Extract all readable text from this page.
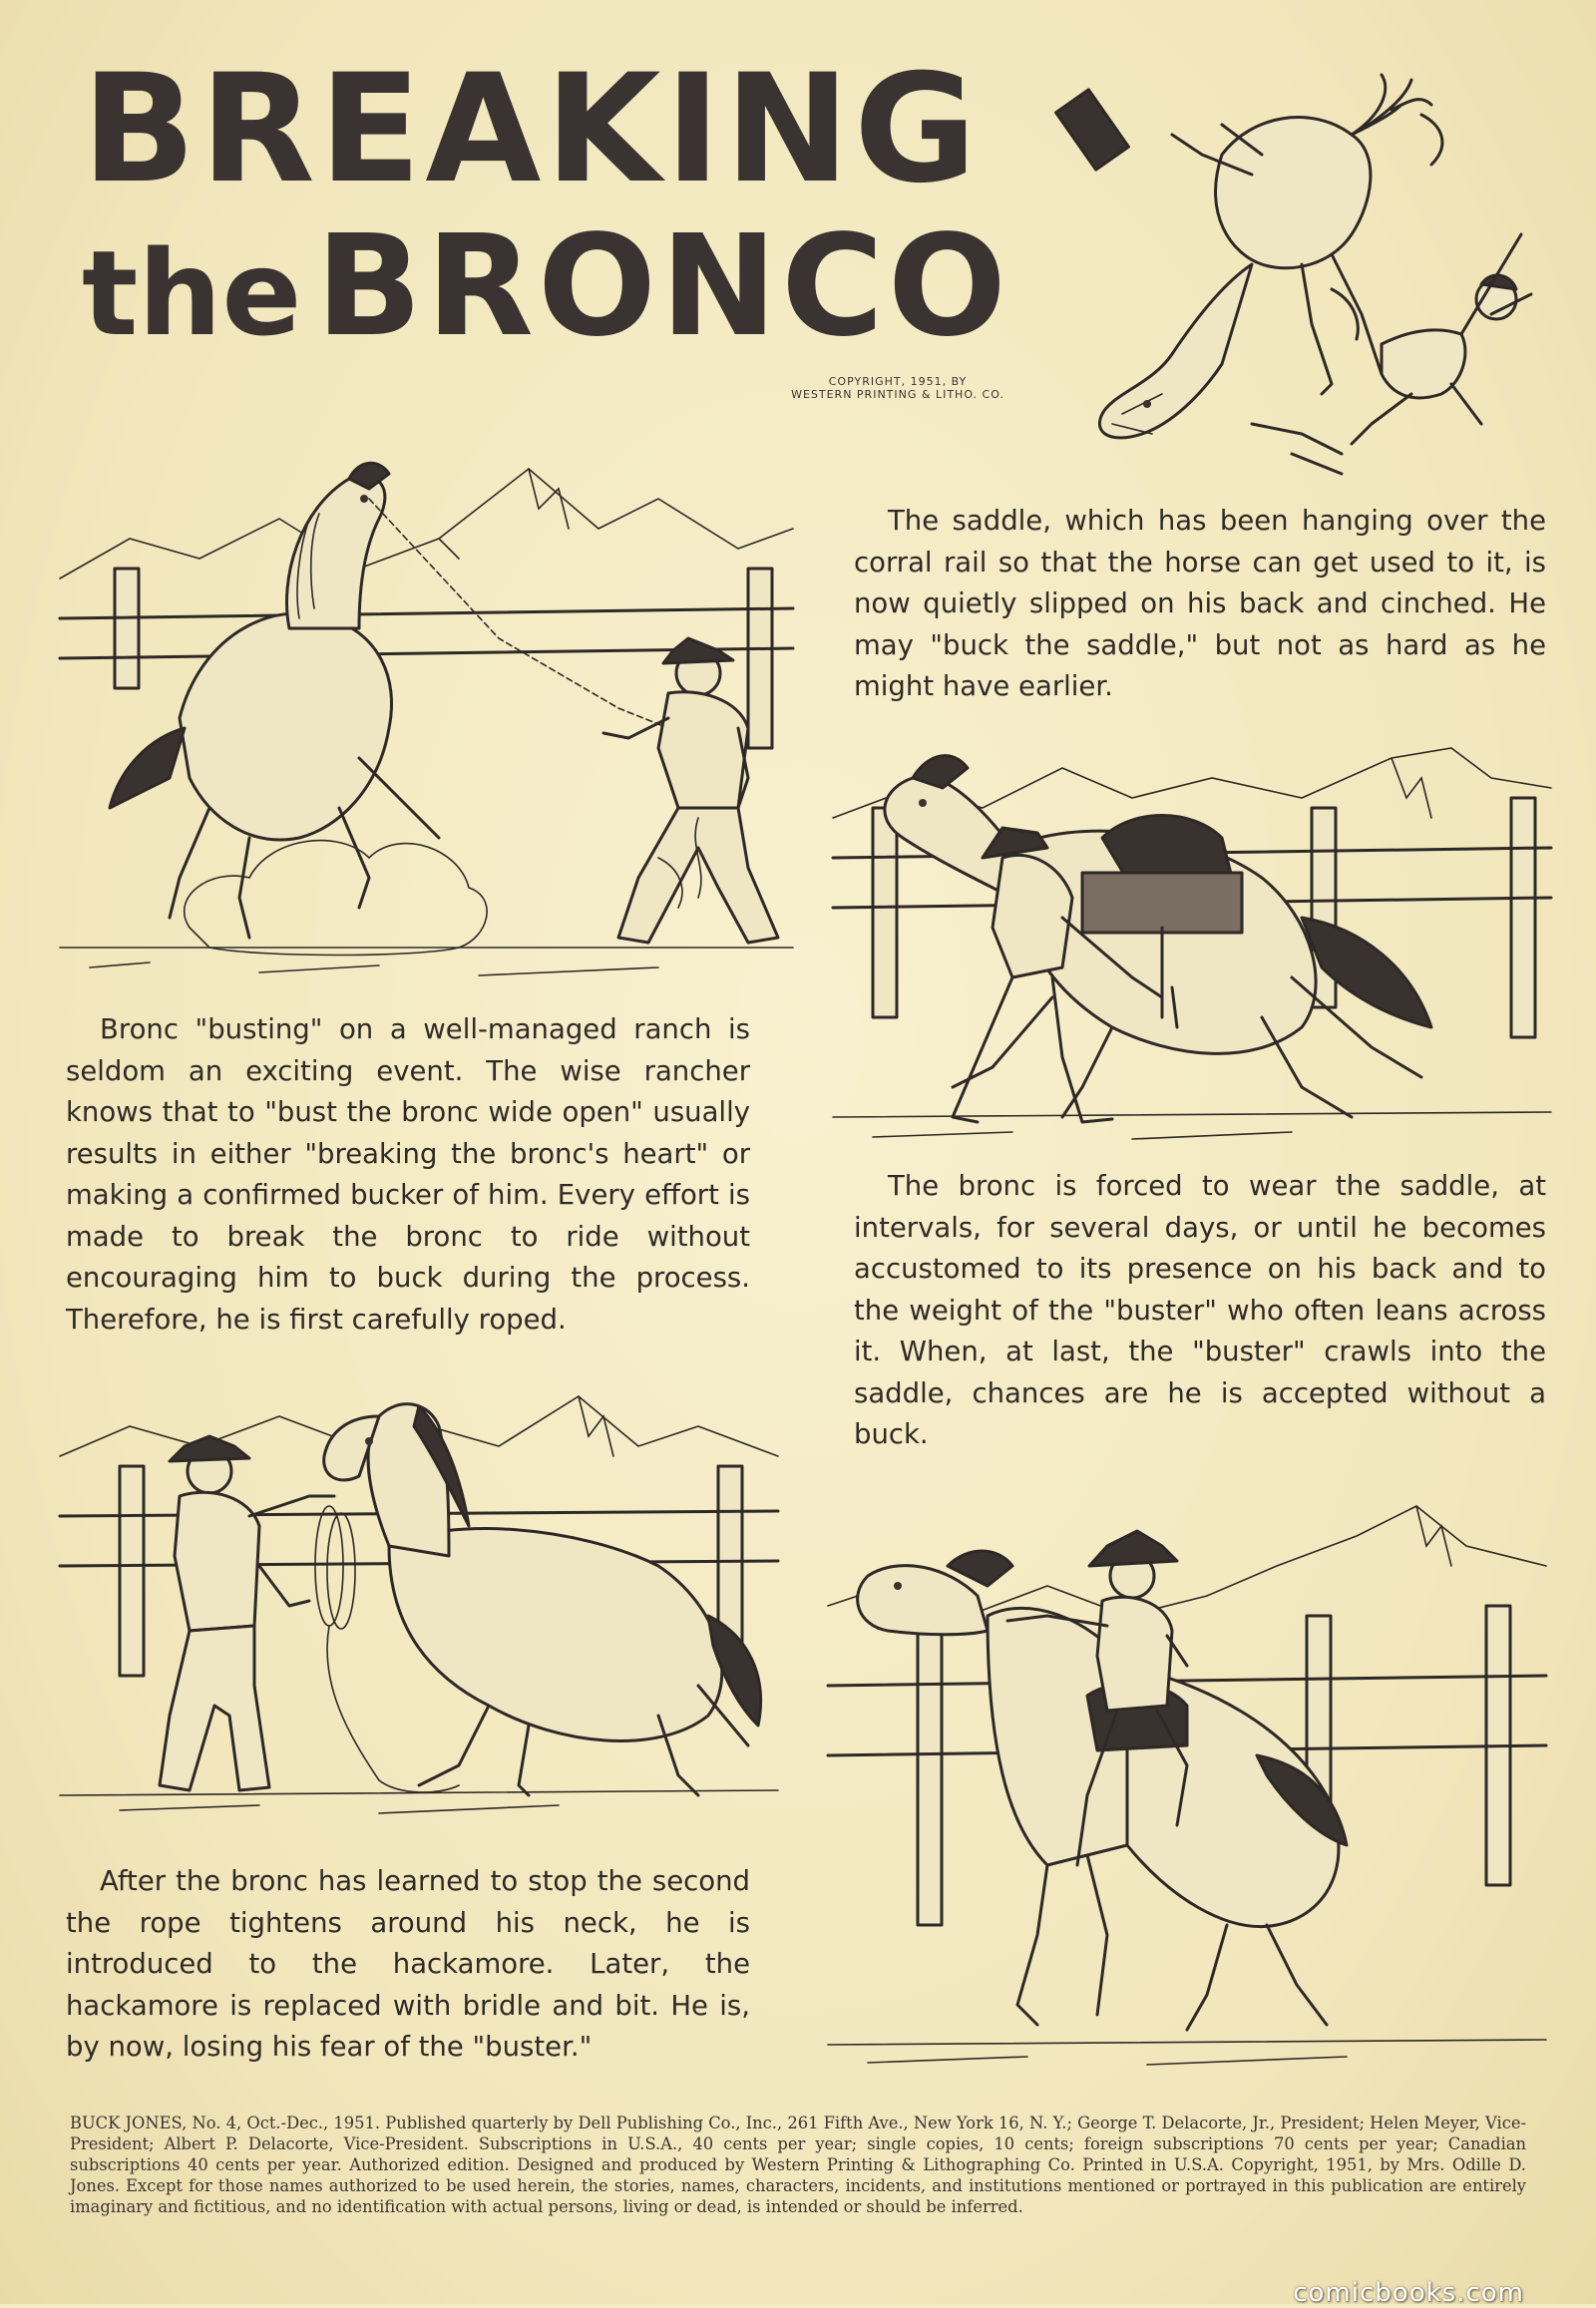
BREAKING
the BRONCO
COPYRIGHT, 1951, BY
WESTERN PRINTING & LITHO. CO.

Bronc "busting" on a well-managed ranch is seldom an exciting event. The wise rancher knows that to "bust the bronc wide open" usually results in either "breaking the bronc's heart" or making a confirmed bucker of him. Every effort is made to break the bronc to ride without encouraging him to buck during the process. Therefore, he is first carefully roped.

The saddle, which has been hanging over the corral rail so that the horse can get used to it, is now quietly slipped on his back and cinched. He may "buck the saddle," but not as hard as he might have earlier.

The bronc is forced to wear the saddle, at intervals, for several days, or until he becomes accustomed to its presence on his back and to the weight of the "buster" who often leans across it. When, at last, the "buster" crawls into the saddle, chances are he is accepted without a buck.

After the bronc has learned to stop the second the rope tightens around his neck, he is introduced to the hackamore. Later, the hackamore is replaced with bridle and bit. He is, by now, losing his fear of the "buster."

BUCK JONES, No. 4, Oct.-Dec., 1951. Published quarterly by Dell Publishing Co., Inc., 261 Fifth Ave., New York 16, N. Y.; George T. Delacorte, Jr., President; Helen Meyer, Vice-President; Albert P. Delacorte, Vice-President. Subscriptions in U.S.A., 40 cents per year; single copies, 10 cents; foreign subscriptions 70 cents per year; Canadian subscriptions 40 cents per year. Authorized edition. Designed and produced by Western Printing & Lithographing Co. Printed in U.S.A. Copyright, 1951, by Mrs. Odille D. Jones. Except for those names authorized to be used herein, the stories, names, characters, incidents, and institutions mentioned or portrayed in this publication are entirely imaginary and fictitious, and no identification with actual persons, living or dead, is intended or should be inferred.
comicbooks.com
